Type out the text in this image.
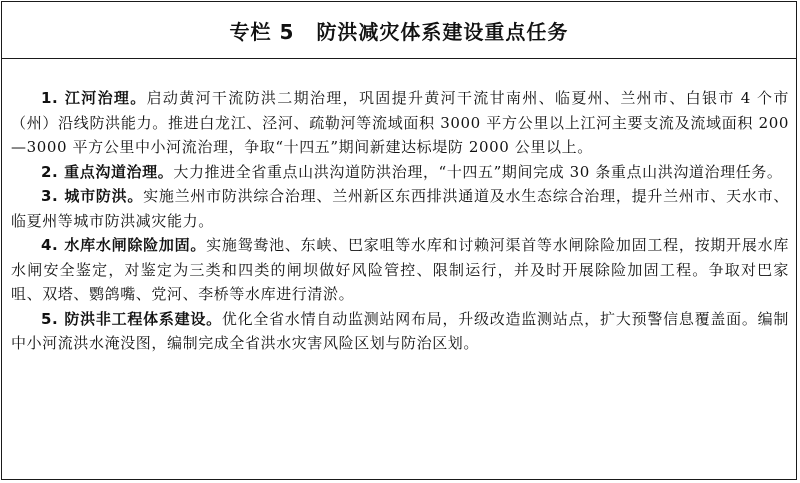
专栏 5 防洪减灾体系建设重点任务

1. 江河治理。启动黄河干流防洪二期治理，巩固提升黄河干流甘南州、临夏州、兰州市、白银市 4 个市（州）沿线防洪能力。推进白龙江、泾河、疏勒河等流域面积 3000 平方公里以上江河主要支流及流域面积 200—3000 平方公里中小河流治理，争取“十四五”期间新建达标堤防 2000 公里以上。

2. 重点沟道治理。大力推进全省重点山洪沟道防洪治理，“十四五”期间完成 30 条重点山洪沟道治理任务。

3. 城市防洪。实施兰州市防洪综合治理、兰州新区东西排洪通道及水生态综合治理，提升兰州市、天水市、临夏州等城市防洪减灾能力。

4. 水库水闸除险加固。实施鸳鸯池、东峡、巴家咀等水库和讨赖河渠首等水闸除险加固工程，按期开展水库水闸安全鉴定，对鉴定为三类和四类的闸坝做好风险管控、限制运行，并及时开展除险加固工程。争取对巴家咀、双塔、鹦鸽嘴、党河、李桥等水库进行清淤。

5. 防洪非工程体系建设。优化全省水情自动监测站网布局，升级改造监测站点，扩大预警信息覆盖面。编制中小河流洪水淹没图，编制完成全省洪水灾害风险区划与防治区划。
